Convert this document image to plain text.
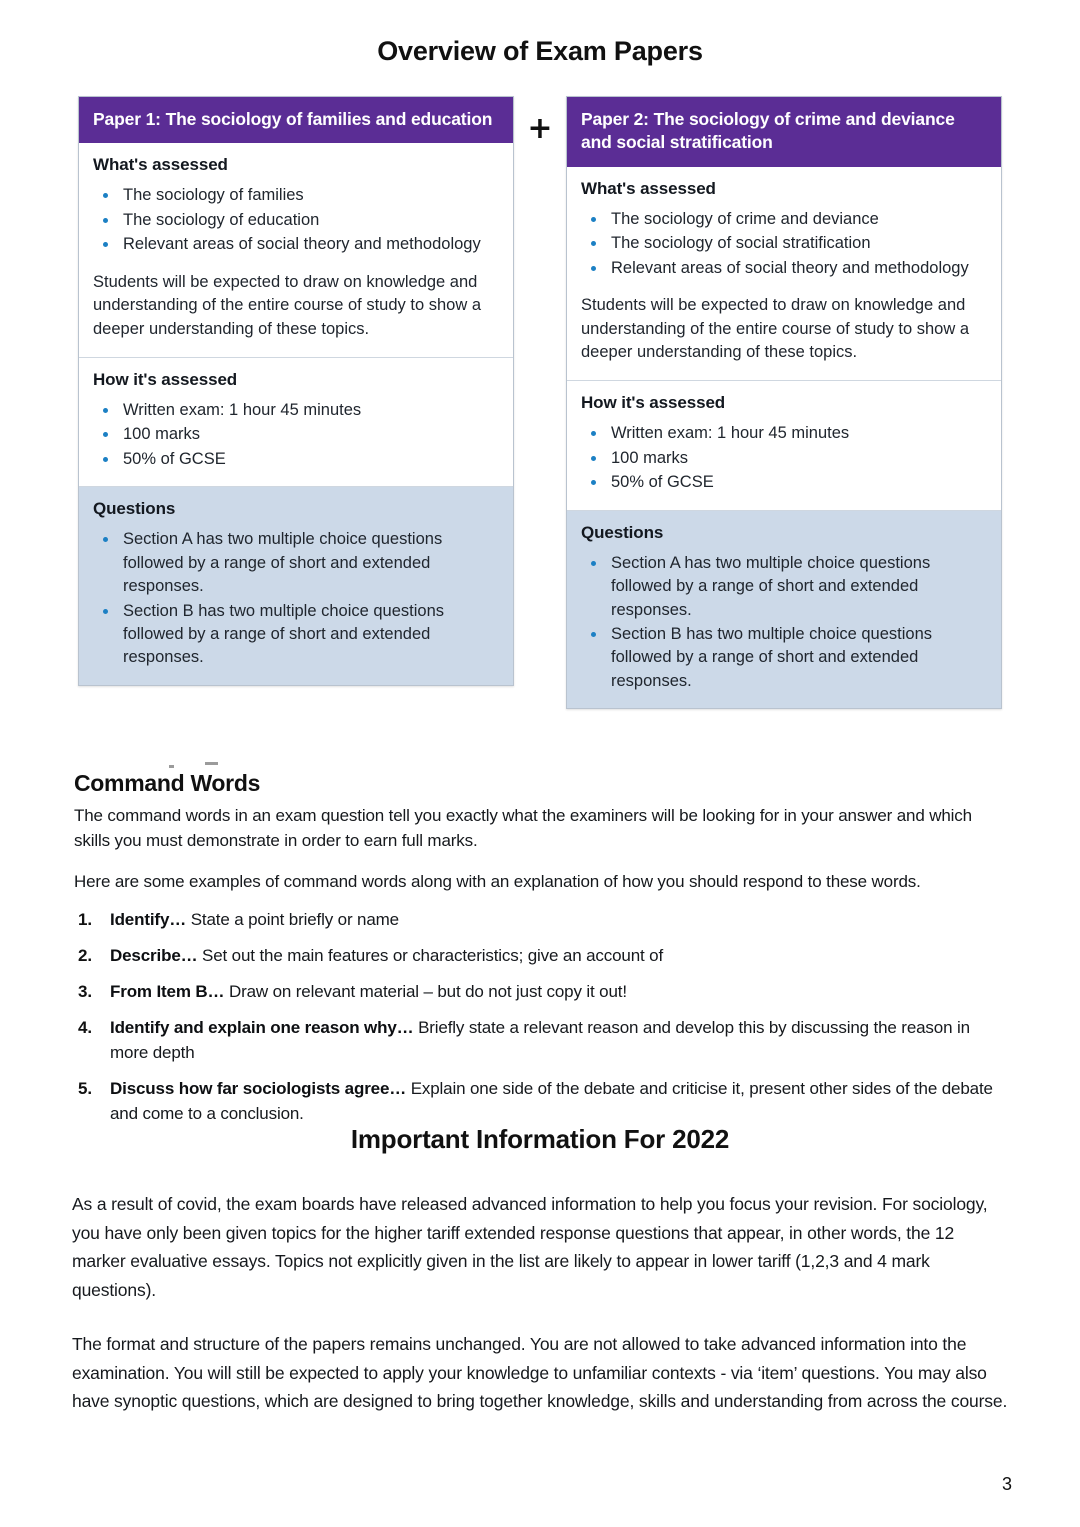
Overview of Exam Papers
Paper 1: The sociology of families and education
What's assessed
The sociology of families
The sociology of education
Relevant areas of social theory and methodology

Students will be expected to draw on knowledge and understanding of the entire course of study to show a deeper understanding of these topics.

How it's assessed
Written exam: 1 hour 45 minutes
100 marks
50% of GCSE
Questions
Section A has two multiple choice questions followed by a range of short and extended responses.
Section B has two multiple choice questions followed by a range of short and extended responses.
+	Paper 2: The sociology of crime and deviance and social stratification
What's assessed
The sociology of crime and deviance
The sociology of social stratification
Relevant areas of social theory and methodology

Students will be expected to draw on knowledge and understanding of the entire course of study to show a deeper understanding of these topics.

How it's assessed
Written exam: 1 hour 45 minutes
100 marks
50% of GCSE
Questions
Section A has two multiple choice questions followed by a range of short and extended responses.
Section B has two multiple choice questions followed by a range of short and extended responses.
Command Words

The command words in an exam question tell you exactly what the examiners will be looking for in your answer and which skills you must demonstrate in order to earn full marks.

Here are some examples of command words along with an explanation of how you should respond to these words.

Identify… State a point briefly or name
Describe… Set out the main features or characteristics; give an account of
From Item B… Draw on relevant material – but do not just copy it out!
Identify and explain one reason why… Briefly state a relevant reason and develop this by discussing the reason in more depth
Discuss how far sociologists agree… Explain one side of the debate and criticise it, present other sides of the debate and come to a conclusion.
Important Information For 2022

As a result of covid, the exam boards have released advanced information to help you focus your revision. For sociology, you have only been given topics for the higher tariff extended response questions that appear, in other words, the 12 marker evaluative essays. Topics not explicitly given in the list are likely to appear in lower tariff (1,2,3 and 4 mark questions).

The format and structure of the papers remains unchanged. You are not allowed to take advanced information into the examination. You will still be expected to apply your knowledge to unfamiliar contexts - via ‘item’ questions. You may also have synoptic questions, which are designed to bring together knowledge, skills and understanding from across the course.

3
